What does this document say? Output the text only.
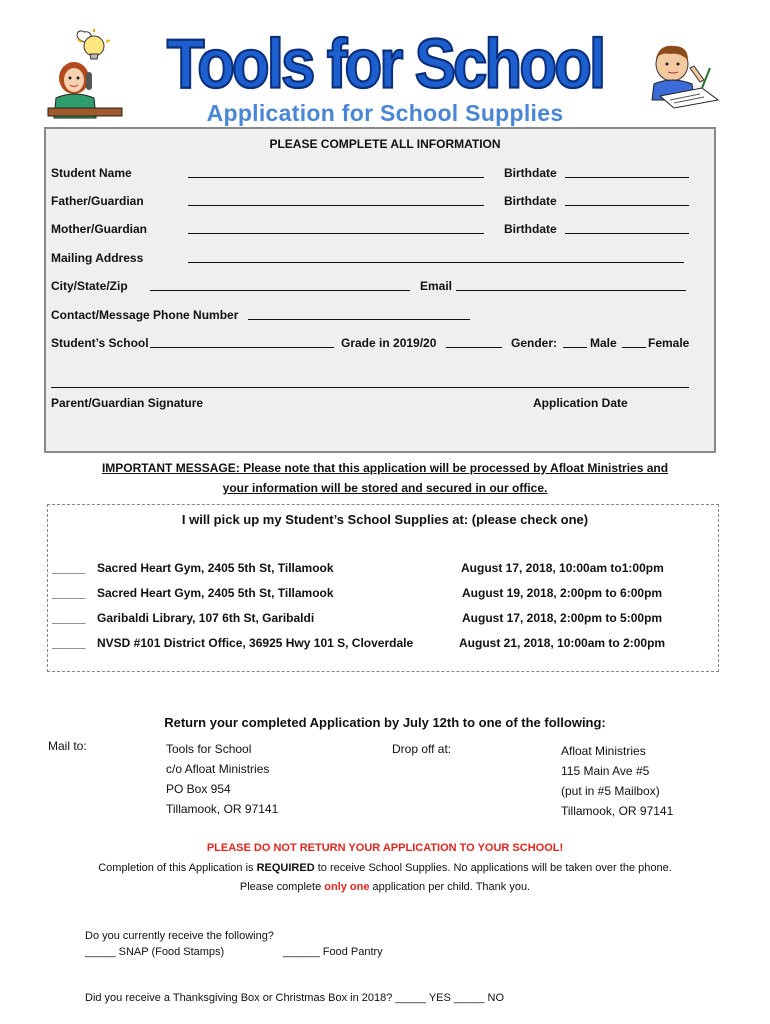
Tools for School
Application for School Supplies
PLEASE COMPLETE ALL INFORMATION
Student Name	Birthdate
Father/Guardian	Birthdate
Mother/Guardian	Birthdate
Mailing Address
City/State/Zip	Email
Contact/Message Phone Number
Student’s School	Grade in 2019/20	Gender:	Male	Female
Parent/Guardian Signature	Application Date
IMPORTANT MESSAGE: Please note that this application will be processed by Afloat Ministries and
your information will be stored and secured in our office.
I will pick up my Student’s School Supplies at: (please check one)
_____ Sacred Heart Gym, 2405 5th St, Tillamook	August 17, 2018, 10:00am to1:00pm
_____ Sacred Heart Gym, 2405 5th St, Tillamook	August 19, 2018, 2:00pm to 6:00pm
_____ Garibaldi Library, 107 6th St, Garibaldi	August 17, 2018, 2:00pm to 5:00pm
_____ NVSD #101 District Office, 36925 Hwy 101 S, Cloverdale	August 21, 2018, 10:00am to 2:00pm
Return your completed Application by July 12th to one of the following:
Mail to:	Tools for School
c/o Afloat Ministries
PO Box 954
Tillamook, OR 97141
Drop off at:	Afloat Ministries
115 Main Ave #5
(put in #5 Mailbox)
Tillamook, OR 97141
PLEASE DO NOT RETURN YOUR APPLICATION TO YOUR SCHOOL!
Completion of this Application is REQUIRED to receive School Supplies. No applications will be taken over the phone.
Please complete only one application per child. Thank you.
Do you currently receive the following?
_____ SNAP (Food Stamps)	______ Food Pantry
Did you receive a Thanksgiving Box or Christmas Box in 2018? _____ YES _____ NO
